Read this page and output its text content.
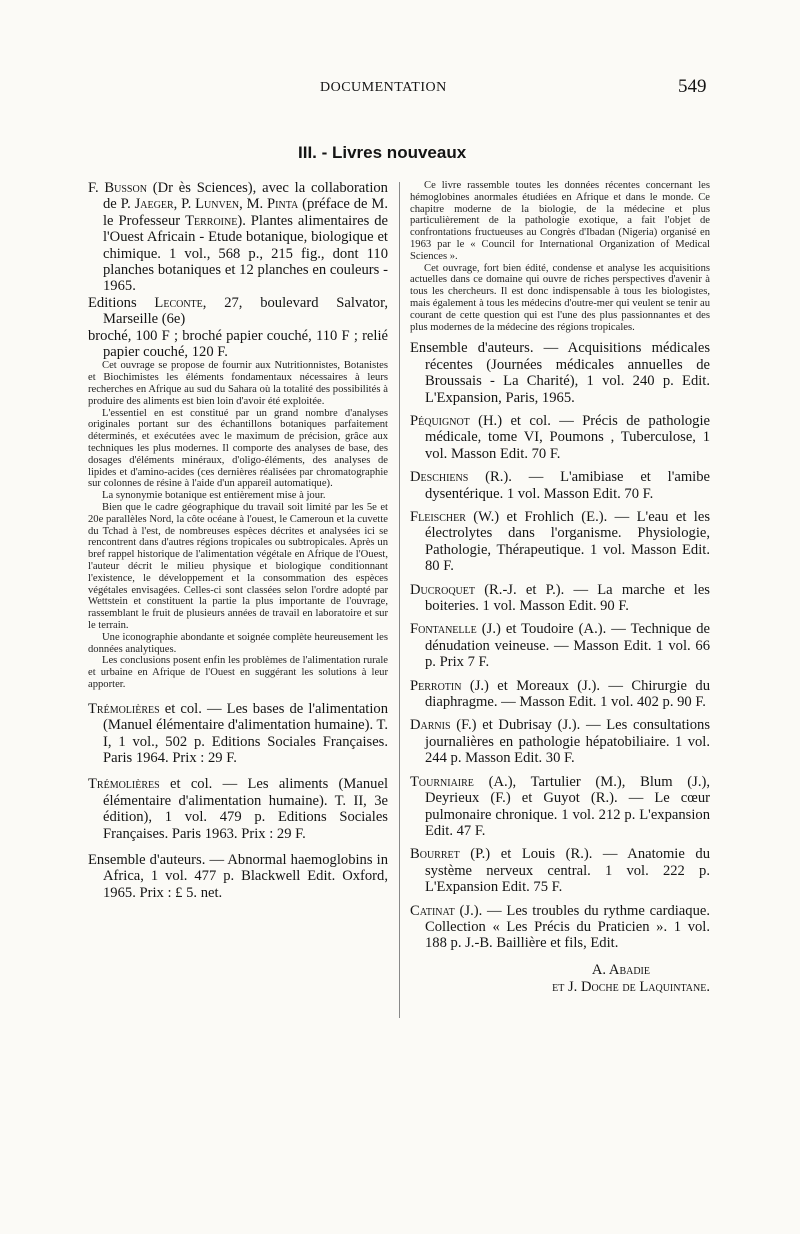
DOCUMENTATION	549
III. - Livres nouveaux

F. Busson (Dr ès Sciences), avec la collaboration de P. Jaeger, P. Lunven, M. Pinta (préface de M. le Professeur Terroine). Plantes alimentaires de l'Ouest Africain - Etude botanique, biologique et chimique. 1 vol., 568 p., 215 fig., dont 110 planches botaniques et 12 planches en couleurs - 1965.

Editions Leconte, 27, boulevard Salvator, Marseille (6e)

broché, 100 F ; broché papier couché, 110 F ; relié papier couché, 120 F.

Cet ouvrage se propose de fournir aux Nutritionnistes, Botanistes et Biochimistes les éléments fondamentaux nécessaires à leurs recherches en Afrique au sud du Sahara où la totalité des possibilités à produire des aliments est bien loin d'avoir été exploitée.

L'essentiel en est constitué par un grand nombre d'analyses originales portant sur des échantillons botaniques parfaitement déterminés, et exécutées avec le maximum de précision, grâce aux techniques les plus modernes. Il comporte des analyses de base, des dosages d'éléments minéraux, d'oligo-éléments, des analyses de lipides et d'amino-acides (ces dernières réalisées par chromatographie sur colonnes de résine à l'aide d'un appareil automatique).

La synonymie botanique est entièrement mise à jour.

Bien que le cadre géographique du travail soit limité par les 5e et 20e parallèles Nord, la côte océane à l'ouest, le Cameroun et la cuvette du Tchad à l'est, de nombreuses espèces décrites et analysées ici se rencontrent dans d'autres régions tropicales ou subtropicales. Après un bref rappel historique de l'alimentation végétale en Afrique de l'Ouest, l'auteur décrit le milieu physique et biologique conditionnant l'existence, le développement et la consommation des espèces végétales envisagées. Celles-ci sont classées selon l'ordre adopté par Wettstein et constituent la partie la plus importante de l'ouvrage, rassemblant le fruit de plusieurs années de travail en laboratoire et sur le terrain.

Une iconographie abondante et soignée complète heureusement les données analytiques.

Les conclusions posent enfin les problèmes de l'alimentation rurale et urbaine en Afrique de l'Ouest en suggérant les solutions à leur apporter.

Trémolières et col. — Les bases de l'alimentation (Manuel élémentaire d'alimentation humaine). T. I, 1 vol., 502 p. Editions Sociales Françaises. Paris 1964. Prix : 29 F.

Trémolières et col. — Les aliments (Manuel élémentaire d'alimentation humaine). T. II, 3e édition), 1 vol. 479 p. Editions Sociales Françaises. Paris 1963. Prix : 29 F.

Ensemble d'auteurs. — Abnormal haemoglobins in Africa, 1 vol. 477 p. Blackwell Edit. Oxford, 1965. Prix : £ 5. net.

Ce livre rassemble toutes les données récentes concernant les hémoglobines anormales étudiées en Afrique et dans le monde. Ce chapitre moderne de la biologie, de la médecine et plus particulièrement de la pathologie exotique, a fait l'objet de confrontations fructueuses au Congrès d'Ibadan (Nigeria) organisé en 1963 par le « Council for International Organization of Medical Sciences ».

Cet ouvrage, fort bien édité, condense et analyse les acquisitions actuelles dans ce domaine qui ouvre de riches perspectives d'avenir à tous les chercheurs. Il est donc indispensable à tous les biologistes, mais également à tous les médecins d'outre-mer qui veulent se tenir au courant de cette question qui est l'une des plus passionnantes et des plus modernes de la médecine des régions tropicales.

Ensemble d'auteurs. — Acquisitions médicales récentes (Journées médicales annuelles de Broussais - La Charité), 1 vol. 240 p. Edit. L'Expansion, Paris, 1965.

Péquignot (H.) et col. — Précis de pathologie médicale, tome VI, Poumons , Tuberculose, 1 vol. Masson Edit. 70 F.

Deschiens (R.). — L'amibiase et l'amibe dysentérique. 1 vol. Masson Edit. 70 F.

Fleischer (W.) et Frohlich (E.). — L'eau et les électrolytes dans l'organisme. Physiologie, Pathologie, Thérapeutique. 1 vol. Masson Edit. 80 F.

Ducroquet (R.-J. et P.). — La marche et les boiteries. 1 vol. Masson Edit. 90 F.

Fontanelle (J.) et Toudoire (A.). — Technique de dénudation veineuse. — Masson Edit. 1 vol. 66 p. Prix 7 F.

Perrotin (J.) et Moreaux (J.). — Chirurgie du diaphragme. — Masson Edit. 1 vol. 402 p. 90 F.

Darnis (F.) et Dubrisay (J.). — Les consultations journalières en pathologie hépatobiliaire. 1 vol. 244 p. Masson Edit. 30 F.

Tourniaire (A.), Tartulier (M.), Blum (J.), Deyrieux (F.) et Guyot (R.). — Le cœur pulmonaire chronique. 1 vol. 212 p. L'expansion Edit. 47 F.

Bourret (P.) et Louis (R.). — Anatomie du système nerveux central. 1 vol. 222 p. L'Expansion Edit. 75 F.

Catinat (J.). — Les troubles du rythme cardiaque. Collection « Les Précis du Praticien ». 1 vol. 188 p. J.-B. Baillière et fils, Edit.

A. Abadie

et J. Doche de Laquintane.
